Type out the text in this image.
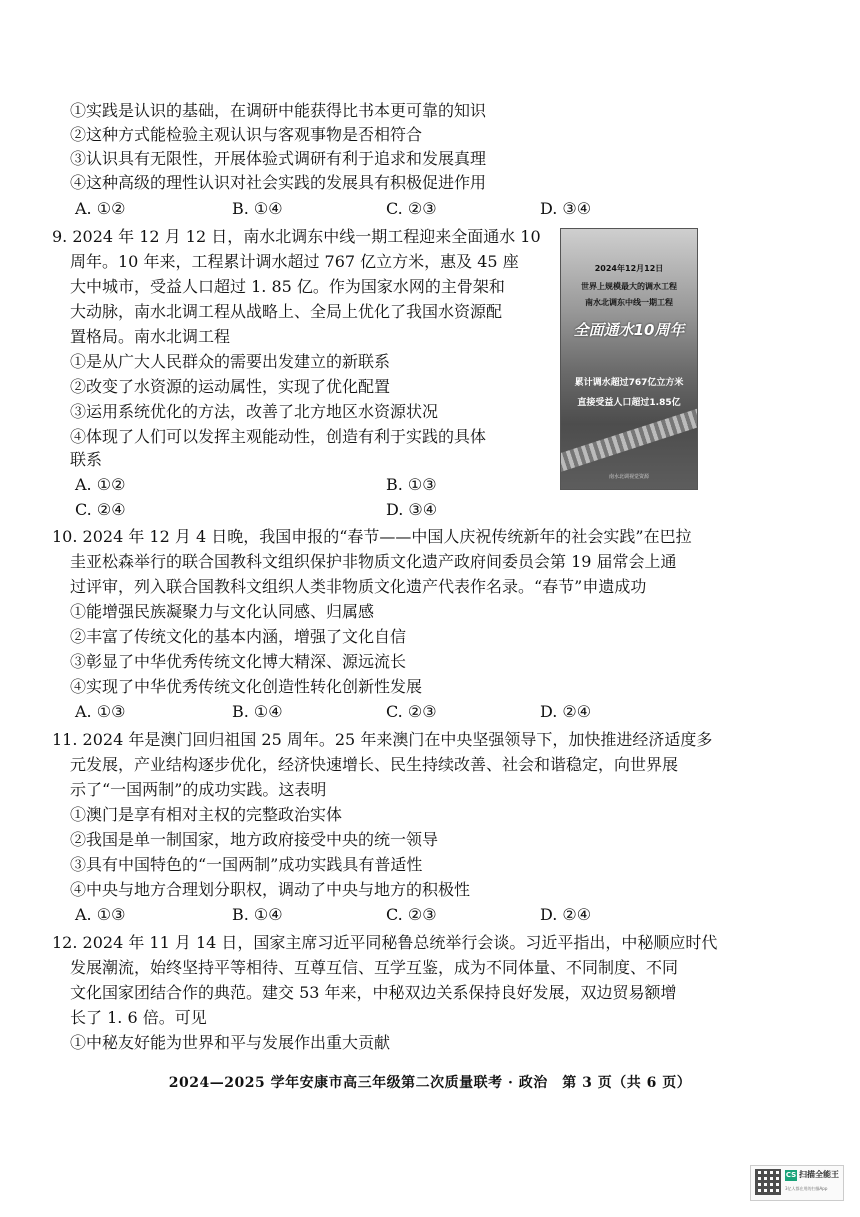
①实践是认识的基础，在调研中能获得比书本更可靠的知识
②这种方式能检验主观认识与客观事物是否相符合
③认识具有无限性，开展体验式调研有利于追求和发展真理
④这种高级的理性认识对社会实践的发展具有积极促进作用
A. ①②	B. ①④	C. ②③	D. ③④
9. 2024 年 12 月 12 日，南水北调东中线一期工程迎来全面通水 10
周年。10 年来，工程累计调水超过 767 亿立方米，惠及 45 座
大中城市，受益人口超过 1. 85 亿。作为国家水网的主骨架和
大动脉，南水北调工程从战略上、全局上优化了我国水资源配
置格局。南水北调工程
①是从广大人民群众的需要出发建立的新联系
②改变了水资源的运动属性，实现了优化配置
③运用系统优化的方法，改善了北方地区水资源状况
④体现了人们可以发挥主观能动性，创造有利于实践的具体
联系
A. ①②	B. ①③
C. ②④	D. ③④
2024年12月12日
世界上规模最大的调水工程
南水北调东中线一期工程
全面通水10周年
累计调水超过767亿立方米
直接受益人口超过1.85亿
南水北调视觉资源
10. 2024 年 12 月 4 日晚，我国申报的“春节——中国人庆祝传统新年的社会实践”在巴拉
圭亚松森举行的联合国教科文组织保护非物质文化遗产政府间委员会第 19 届常会上通
过评审，列入联合国教科文组织人类非物质文化遗产代表作名录。“春节”申遗成功
①能增强民族凝聚力与文化认同感、归属感
②丰富了传统文化的基本内涵，增强了文化自信
③彰显了中华优秀传统文化博大精深、源远流长
④实现了中华优秀传统文化创造性转化创新性发展
A. ①③	B. ①④	C. ②③	D. ②④
11. 2024 年是澳门回归祖国 25 周年。25 年来澳门在中央坚强领导下，加快推进经济适度多
元发展，产业结构逐步优化，经济快速增长、民生持续改善、社会和谐稳定，向世界展
示了“一国两制”的成功实践。这表明
①澳门是享有相对主权的完整政治实体
②我国是单一制国家，地方政府接受中央的统一领导
③具有中国特色的“一国两制”成功实践具有普适性
④中央与地方合理划分职权，调动了中央与地方的积极性
A. ①③	B. ①④	C. ②③	D. ②④
12. 2024 年 11 月 14 日，国家主席习近平同秘鲁总统举行会谈。习近平指出，中秘顺应时代
发展潮流，始终坚持平等相待、互尊互信、互学互鉴，成为不同体量、不同制度、不同
文化国家团结合作的典范。建交 53 年来，中秘双边关系保持良好发展，双边贸易额增
长了 1. 6 倍。可见
①中秘友好能为世界和平与发展作出重大贡献
2024—2025 学年安康市高三年级第二次质量联考 · 政治　第 3 页（共 6 页）
CS 扫描全能王
3亿人都在用的扫描App
